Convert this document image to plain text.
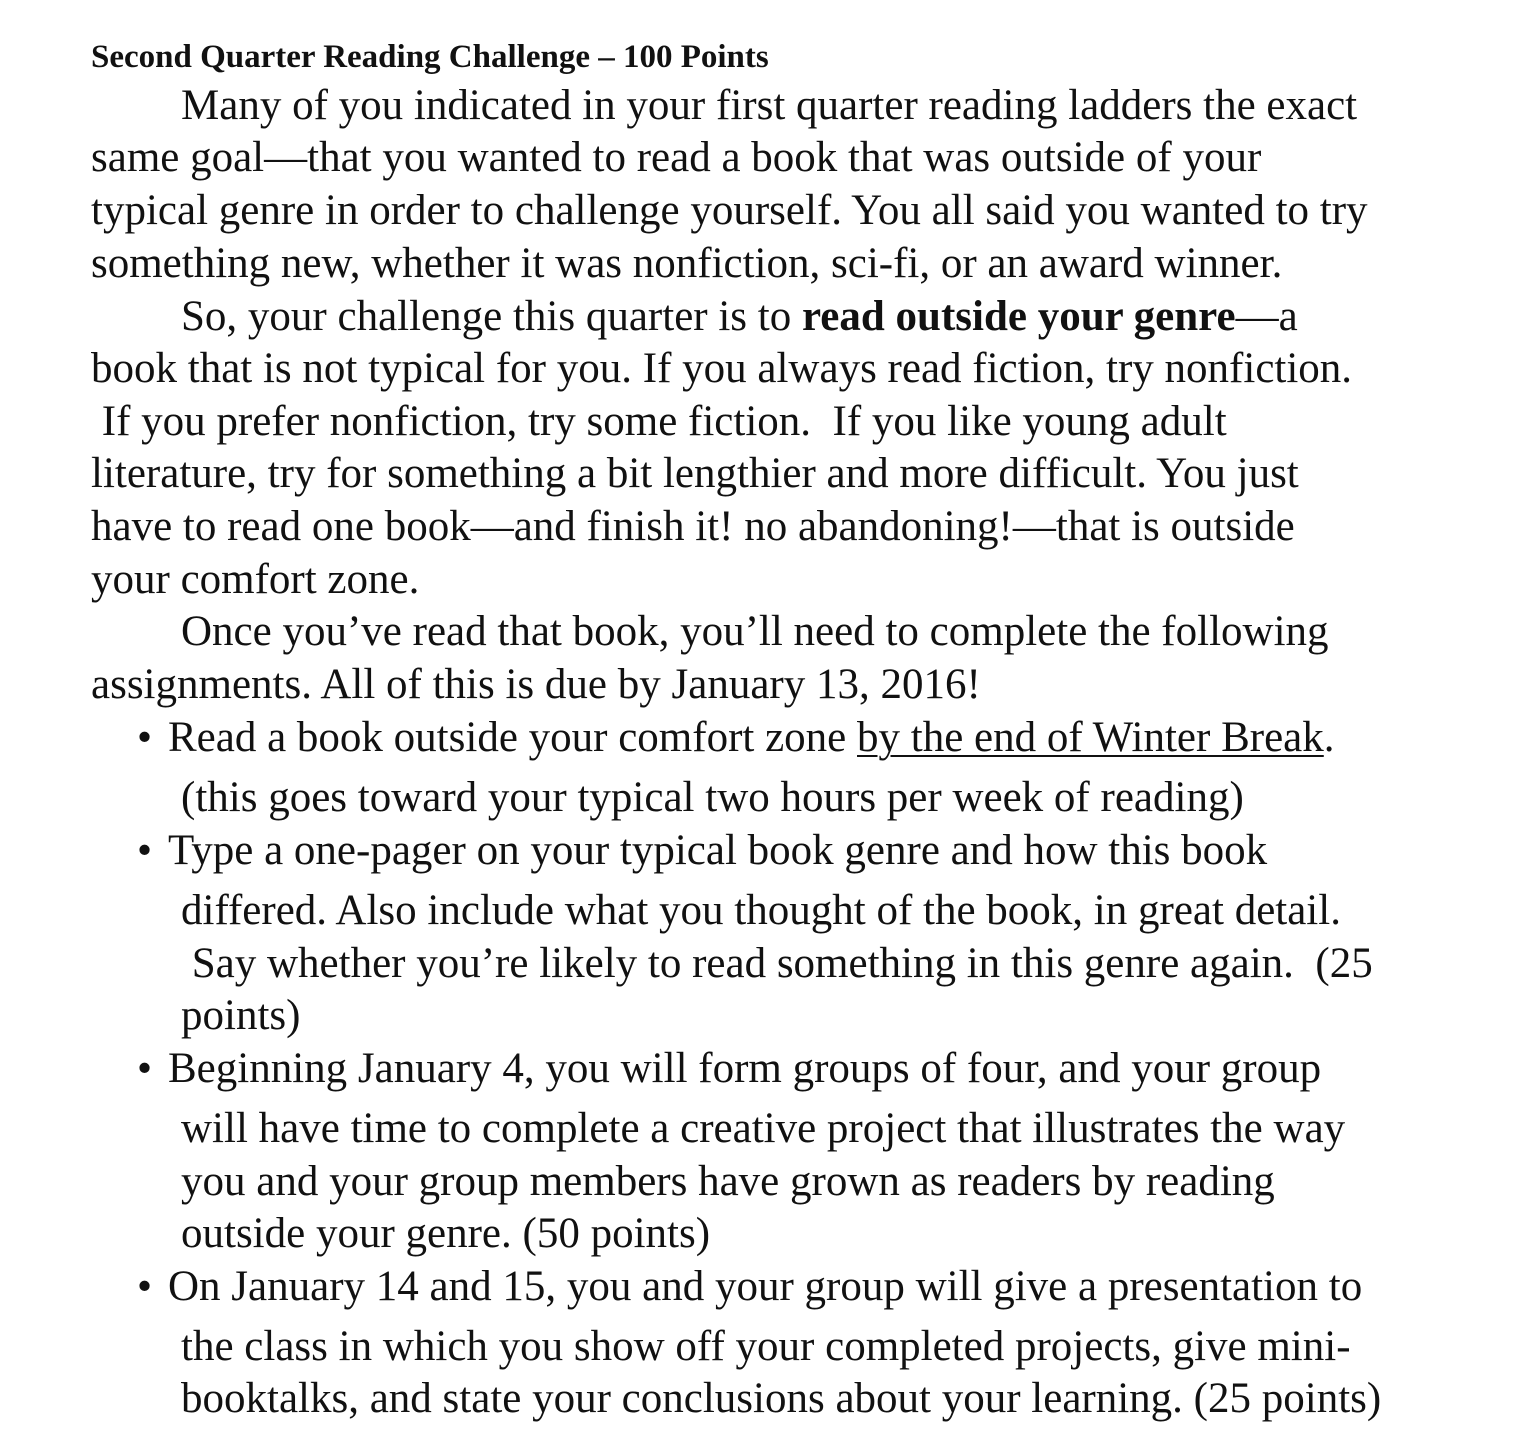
Second Quarter Reading Challenge – 100 Points
Many of you indicated in your first quarter reading ladders the exact
same goal—that you wanted to read a book that was outside of your
typical genre in order to challenge yourself. You all said you wanted to try
something new, whether it was nonfiction, sci-fi, or an award winner.
So, your challenge this quarter is to read outside your genre—a
book that is not typical for you. If you always read fiction, try nonfiction.
If you prefer nonfiction, try some fiction.  If you like young adult
literature, try for something a bit lengthier and more difficult. You just
have to read one book—and finish it! no abandoning!—that is outside
your comfort zone.
Once you’ve read that book, you’ll need to complete the following
assignments. All of this is due by January 13, 2016!
• Read a book outside your comfort zone by the end of Winter Break.
(this goes toward your typical two hours per week of reading)
• Type a one-pager on your typical book genre and how this book
differed. Also include what you thought of the book, in great detail.
Say whether you’re likely to read something in this genre again.  (25
points)
• Beginning January 4, you will form groups of four, and your group
will have time to complete a creative project that illustrates the way
you and your group members have grown as readers by reading
outside your genre. (50 points)
• On January 14 and 15, you and your group will give a presentation to
the class in which you show off your completed projects, give mini-
booktalks, and state your conclusions about your learning. (25 points)
